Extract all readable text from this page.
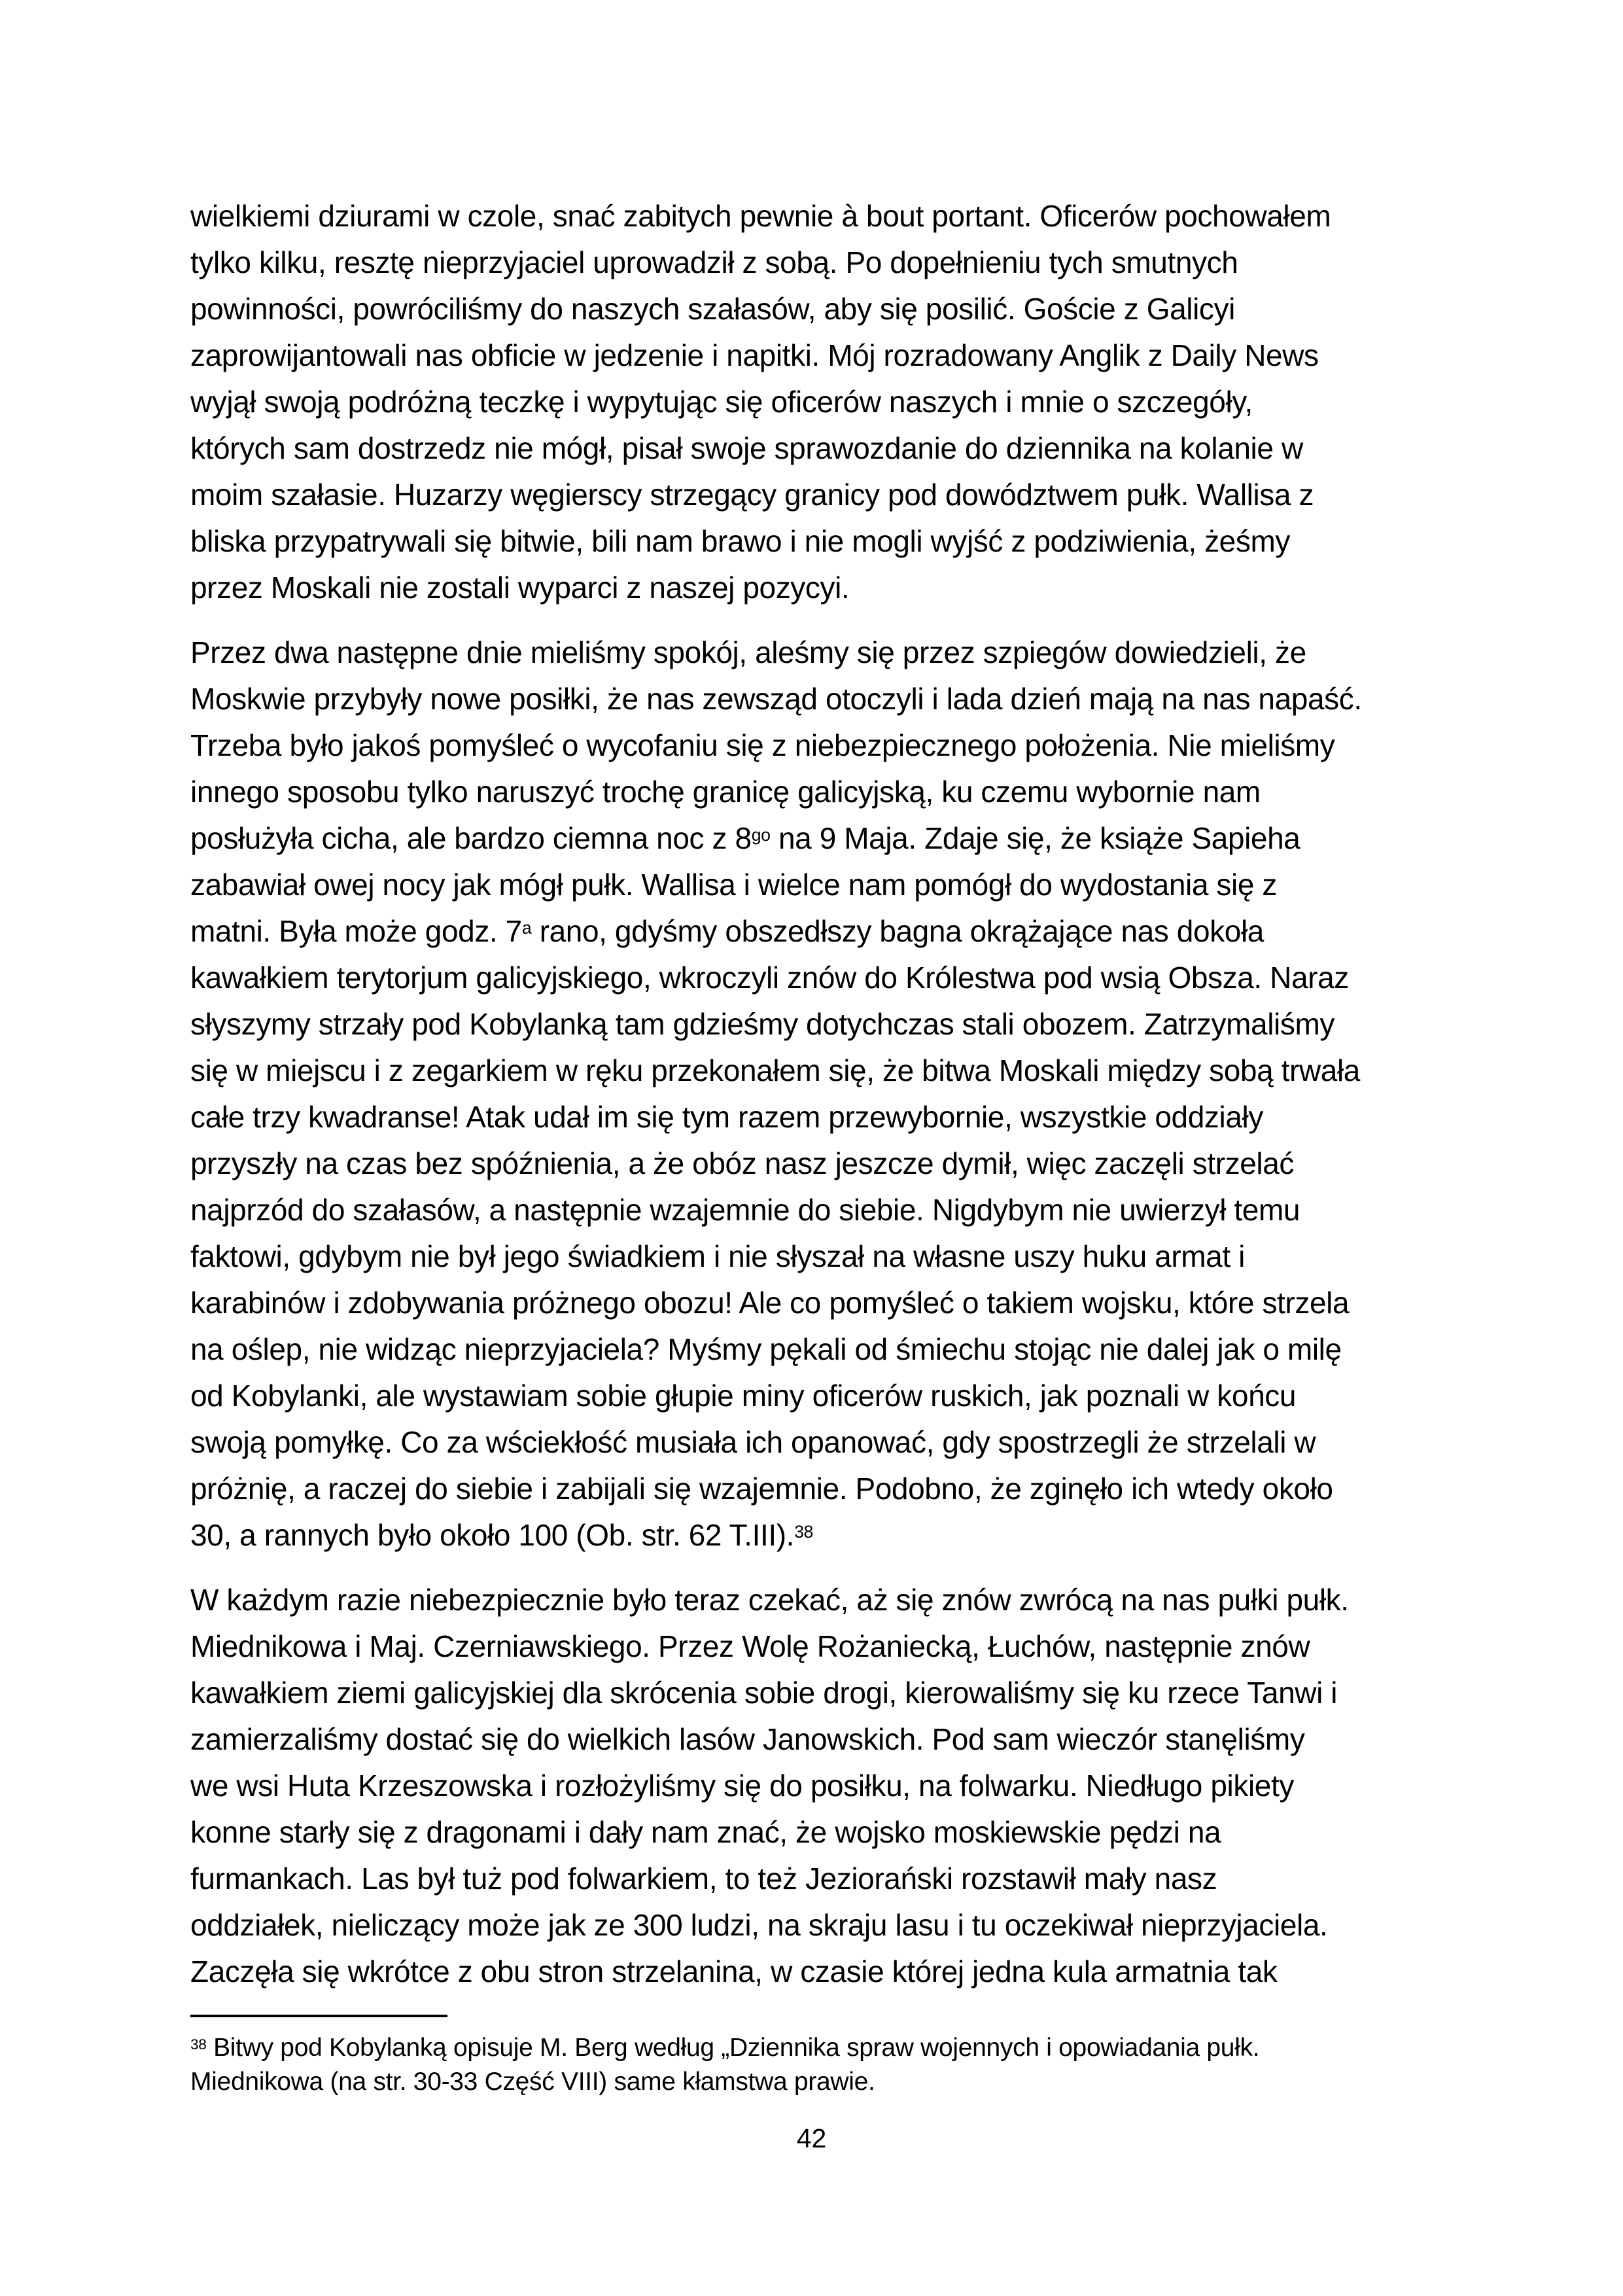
wielkiemi dziurami w czole, snać zabitych pewnie à bout portant. Oficerów pochowałem
tylko kilku, resztę nieprzyjaciel uprowadził z sobą. Po dopełnieniu tych smutnych
powinności, powróciliśmy do naszych szałasów, aby się posilić. Goście z Galicyi
zaprowijantowali nas obficie w jedzenie i napitki. Mój rozradowany Anglik z Daily News
wyjął swoją podróżną teczkę i wypytując się oficerów naszych i mnie o szczegóły,
których sam dostrzedz nie mógł, pisał swoje sprawozdanie do dziennika na kolanie w
moim szałasie. Huzarzy węgierscy strzegący granicy pod dowództwem pułk. Wallisa z
bliska przypatrywali się bitwie, bili nam brawo i nie mogli wyjść z podziwienia, żeśmy
przez Moskali nie zostali wyparci z naszej pozycyi.
Przez dwa następne dnie mieliśmy spokój, aleśmy się przez szpiegów dowiedzieli, że
Moskwie przybyły nowe posiłki, że nas zewsząd otoczyli i lada dzień mają na nas napaść.
Trzeba było jakoś pomyśleć o wycofaniu się z niebezpiecznego położenia. Nie mieliśmy
innego sposobu tylko naruszyć trochę granicę galicyjską, ku czemu wybornie nam
posłużyła cicha, ale bardzo ciemna noc z $8^{go}$ na 9 Maja. Zdaje się, że książe Sapieha
zabawiał owej nocy jak mógł pułk. Wallisa i wielce nam pomógł do wydostania się z
matni. Była może godz. 7$^a$ rano, gdyśmy obszedłszy bagna okrążające nas dokoła
kawałkiem terytorjum galicyjskiego, wkroczyli znów do Królestwa pod wsią Obsza. Naraz
słyszymy strzały pod Kobylanką tam gdzieśmy dotychczas stali obozem. Zatrzymaliśmy
się w miejscu i z zegarkiem w ręku przekonałem się, że bitwa Moskali między sobą trwała
całe trzy kwadranse! Atak udał im się tym razem przewybornie, wszystkie oddziały
przyszły na czas bez spóźnienia, a że obóz nasz jeszcze dymił, więc zaczęli strzelać
najprzód do szałasów, a następnie wzajemnie do siebie. Nigdybym nie uwierzył temu
faktowi, gdybym nie był jego świadkiem i nie słyszał na własne uszy huku armat i
karabinów i zdobywania próżnego obozu! Ale co pomyśleć o takiem wojsku, które strzela
na oślep, nie widząc nieprzyjaciela? Myśmy pękali od śmiechu stojąc nie dalej jak o milę
od Kobylanki, ale wystawiam sobie głupie miny oficerów ruskich, jak poznali w końcu
swoją pomyłkę. Co za wściekłość musiała ich opanować, gdy spostrzegli że strzelali w
próżnię, a raczej do siebie i zabijali się wzajemnie. Podobno, że zginęło ich wtedy około
30, a rannych było około 100 (Ob. str. 62 T.III).$^{38}$
W każdym razie niebezpiecznie było teraz czekać, aż się znów zwrócą na nas pułki pułk.
Miednikowa i Maj. Czerniawskiego. Przez Wolę Rożaniecką, Łuchów, następnie znów
kawałkiem ziemi galicyjskiej dla skrócenia sobie drogi, kierowaliśmy się ku rzece Tanwi i
zamierzaliśmy dostać się do wielkich lasów Janowskich. Pod sam wieczór stanęliśmy
we wsi Huta Krzeszowska i rozłożyliśmy się do posiłku, na folwarku. Niedługo pikiety
konne starły się z dragonami i dały nam znać, że wojsko moskiewskie pędzi na
furmankach. Las był tuż pod folwarkiem, to też Jeziorański rozstawił mały nasz
oddziałek, nieliczący może jak ze 300 ludzi, na skraju lasu i tu oczekiwał nieprzyjaciela.
Zaczęła się wkrótce z obu stron strzelanina, w czasie której jedna kula armatnia tak
$^{38}$ Bitwy pod Kobylanką opisuje M. Berg według „Dziennika spraw wojennych i opowiadania pułk.
Miednikowa (na str. 30-33 Część VIII) same kłamstwa prawie.
42
